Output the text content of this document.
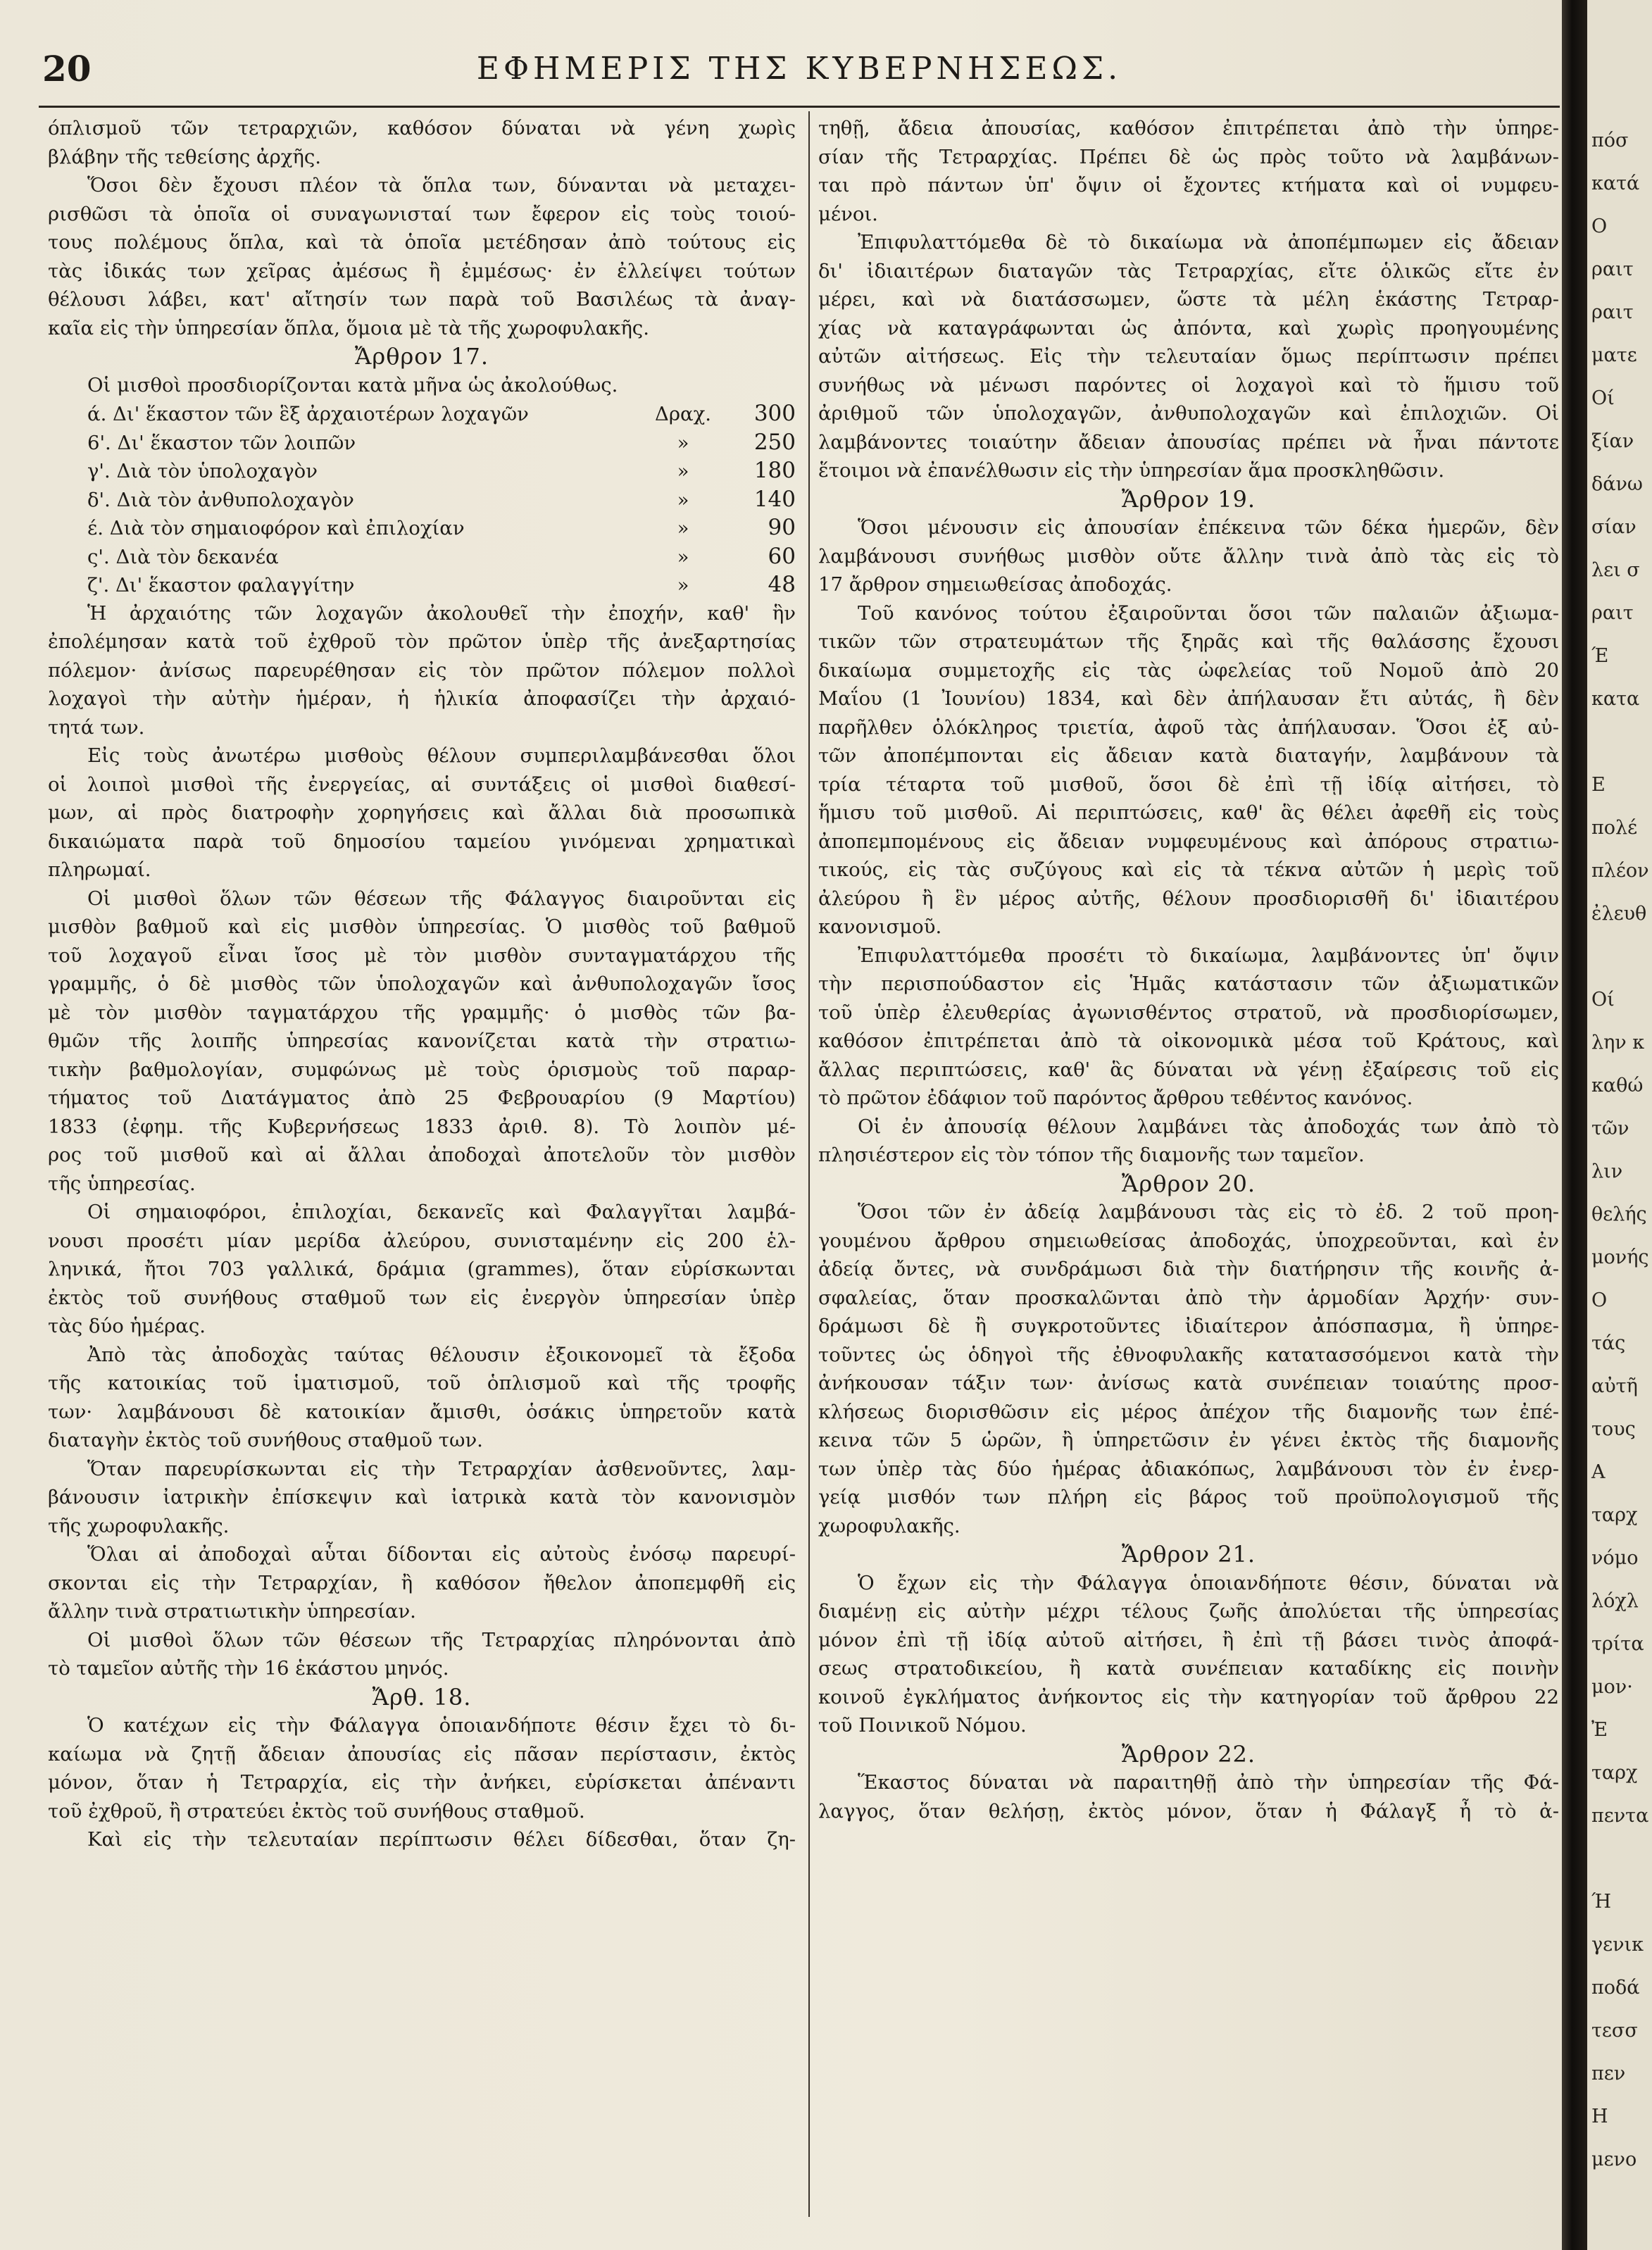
20	ΕΦΗΜΕΡΙΣ ΤΗΣ ΚΥΒΕΡΝΗΣΕΩΣ.
όπλισμοῦ τῶν τετραρχιῶν, καθόσον δύναται νὰ γένη χωρὶς
βλάβην τῆς τεθείσης ἀρχῆς.
Ὅσοι δὲν ἔχουσι πλέον τὰ ὅπλα των, δύνανται νὰ μεταχει-
ρισθῶσι τὰ ὁποῖα οἱ συναγωνισταί των ἔφερον εἰς τοὺς τοιού-
τους πολέμους ὅπλα, καὶ τὰ ὁποῖα μετέδησαν ἀπὸ τούτους εἰς
τὰς ἰδικάς των χεῖρας ἀμέσως ἢ ἐμμέσως· ἐν ἐλλείψει τούτων
θέλουσι λάβει, κατ' αἴτησίν των παρὰ τοῦ Βασιλέως τὰ ἀναγ-
καῖα εἰς τὴν ὑπηρεσίαν ὅπλα, ὅμοια μὲ τὰ τῆς χωροφυλακῆς.
Ἄρθρον 17.
Οἱ μισθοὶ προσδιορίζονται κατὰ μῆνα ὡς ἀκολούθως.
ά. Δι' ἕκαστον τῶν ἓξ ἀρχαιοτέρων λοχαγῶν	Δραχ.	300
6'. Δι' ἕκαστον τῶν λοιπῶν	»	250
γ'. Διὰ τὸν ὑπολοχαγὸν	»	180
δ'. Διὰ τὸν ἀνθυπολοχαγὸν	»	140
έ. Διὰ τὸν σημαιοφόρον καὶ ἐπιλοχίαν	»	90
ς'. Διὰ τὸν δεκανέα	»	60
ζ'. Δι' ἕκαστον φαλαγγίτην	»	48
Ἡ ἀρχαιότης τῶν λοχαγῶν ἀκολουθεῖ τὴν ἐποχήν, καθ' ἣν
ἐπολέμησαν κατὰ τοῦ ἐχθροῦ τὸν πρῶτον ὑπὲρ τῆς ἀνεξαρτησίας
πόλεμον· ἀνίσως παρευρέθησαν εἰς τὸν πρῶτον πόλεμον πολλοὶ
λοχαγοὶ τὴν αὐτὴν ἡμέραν, ἡ ἡλικία ἀποφασίζει τὴν ἀρχαιό-
τητά των.
Εἰς τοὺς ἀνωτέρω μισθοὺς θέλουν συμπεριλαμβάνεσθαι ὅλοι
οἱ λοιποὶ μισθοὶ τῆς ἐνεργείας, αἱ συντάξεις οἱ μισθοὶ διαθεσί-
μων, αἱ πρὸς διατροφὴν χορηγήσεις καὶ ἄλλαι διὰ προσωπικὰ
δικαιώματα παρὰ τοῦ δημοσίου ταμείου γινόμεναι χρηματικαὶ
πληρωμαί.
Οἱ μισθοὶ ὅλων τῶν θέσεων τῆς Φάλαγγος διαιροῦνται εἰς
μισθὸν βαθμοῦ καὶ εἰς μισθὸν ὑπηρεσίας. Ὁ μισθὸς τοῦ βαθμοῦ
τοῦ λοχαγοῦ εἶναι ἴσος μὲ τὸν μισθὸν συνταγματάρχου τῆς
γραμμῆς, ὁ δὲ μισθὸς τῶν ὑπολοχαγῶν καὶ ἀνθυπολοχαγῶν ἴσος
μὲ τὸν μισθὸν ταγματάρχου τῆς γραμμῆς· ὁ μισθὸς τῶν βα-
θμῶν τῆς λοιπῆς ὑπηρεσίας κανονίζεται κατὰ τὴν στρατιω-
τικὴν βαθμολογίαν, συμφώνως μὲ τοὺς ὁρισμοὺς τοῦ παραρ-
τήματος τοῦ Διατάγματος ἀπὸ 25 Φεβρουαρίου (9 Μαρτίου)
1833 (ἐφημ. τῆς Κυβερνήσεως 1833 ἀριθ. 8). Τὸ λοιπὸν μέ-
ρος τοῦ μισθοῦ καὶ αἱ ἄλλαι ἀποδοχαὶ ἀποτελοῦν τὸν μισθὸν
τῆς ὑπηρεσίας.
Οἱ σημαιοφόροι, ἐπιλοχίαι, δεκανεῖς καὶ Φαλαγγῖται λαμβά-
νουσι προσέτι μίαν μερίδα ἀλεύρου, συνισταμένην εἰς 200 ἑλ-
ληνικά, ἤτοι 703 γαλλικά, δράμια (grammes), ὅταν εὑρίσκωνται
ἐκτὸς τοῦ συνήθους σταθμοῦ των εἰς ἐνεργὸν ὑπηρεσίαν ὑπὲρ
τὰς δύο ἡμέρας.
Ἀπὸ τὰς ἀποδοχὰς ταύτας θέλουσιν ἐξοικονομεῖ τὰ ἔξοδα
τῆς κατοικίας τοῦ ἱματισμοῦ, τοῦ ὁπλισμοῦ καὶ τῆς τροφῆς
των· λαμβάνουσι δὲ κατοικίαν ἄμισθι, ὁσάκις ὑπηρετοῦν κατὰ
διαταγὴν ἐκτὸς τοῦ συνήθους σταθμοῦ των.
Ὅταν παρευρίσκωνται εἰς τὴν Τετραρχίαν ἀσθενοῦντες, λαμ-
βάνουσιν ἰατρικὴν ἐπίσκεψιν καὶ ἰατρικὰ κατὰ τὸν κανονισμὸν
τῆς χωροφυλακῆς.
Ὅλαι αἱ ἀποδοχαὶ αὗται δίδονται εἰς αὐτοὺς ἐνόσῳ παρευρί-
σκονται εἰς τὴν Τετραρχίαν, ἢ καθόσον ἤθελον ἀποπεμφθῆ εἰς
ἄλλην τινὰ στρατιωτικὴν ὑπηρεσίαν.
Οἱ μισθοὶ ὅλων τῶν θέσεων τῆς Τετραρχίας πληρόνονται ἀπὸ
τὸ ταμεῖον αὐτῆς τὴν 16 ἑκάστου μηνός.
Ἄρθ. 18.
Ὁ κατέχων εἰς τὴν Φάλαγγα ὁποιανδήποτε θέσιν ἔχει τὸ δι-
καίωμα νὰ ζητῇ ἄδειαν ἀπουσίας εἰς πᾶσαν περίστασιν, ἐκτὸς
μόνον, ὅταν ἡ Τετραρχία, εἰς τὴν ἀνήκει, εὑρίσκεται ἀπέναντι
τοῦ ἐχθροῦ, ἢ στρατεύει ἐκτὸς τοῦ συνήθους σταθμοῦ.
Καὶ εἰς τὴν τελευταίαν περίπτωσιν θέλει δίδεσθαι, ὅταν ζη-
τηθῇ, ἄδεια ἀπουσίας, καθόσον ἐπιτρέπεται ἀπὸ τὴν ὑπηρε-
σίαν τῆς Τετραρχίας. Πρέπει δὲ ὡς πρὸς τοῦτο νὰ λαμβάνων-
ται πρὸ πάντων ὑπ' ὄψιν οἱ ἔχοντες κτήματα καὶ οἱ νυμφευ-
μένοι.
Ἐπιφυλαττόμεθα δὲ τὸ δικαίωμα νὰ ἀποπέμπωμεν εἰς ἄδειαν
δι' ἰδιαιτέρων διαταγῶν τὰς Τετραρχίας, εἴτε ὁλικῶς εἴτε ἐν
μέρει, καὶ νὰ διατάσσωμεν, ὥστε τὰ μέλη ἑκάστης Τετραρ-
χίας νὰ καταγράφωνται ὡς ἀπόντα, καὶ χωρὶς προηγουμένης
αὐτῶν αἰτήσεως. Εἰς τὴν τελευταίαν ὅμως περίπτωσιν πρέπει
συνήθως νὰ μένωσι παρόντες οἱ λοχαγοὶ καὶ τὸ ἥμισυ τοῦ
ἀριθμοῦ τῶν ὑπολοχαγῶν, ἀνθυπολοχαγῶν καὶ ἐπιλοχιῶν. Οἱ
λαμβάνοντες τοιαύτην ἄδειαν ἀπουσίας πρέπει νὰ ἦναι πάντοτε
ἕτοιμοι νὰ ἐπανέλθωσιν εἰς τὴν ὑπηρεσίαν ἅμα προσκληθῶσιν.
Ἄρθρον 19.
Ὅσοι μένουσιν εἰς ἀπουσίαν ἐπέκεινα τῶν δέκα ἡμερῶν, δὲν
λαμβάνουσι συνήθως μισθὸν οὔτε ἄλλην τινὰ ἀπὸ τὰς εἰς τὸ
17 ἄρθρον σημειωθείσας ἀποδοχάς.
Τοῦ κανόνος τούτου ἐξαιροῦνται ὅσοι τῶν παλαιῶν ἀξιωμα-
τικῶν τῶν στρατευμάτων τῆς ξηρᾶς καὶ τῆς θαλάσσης ἔχουσι
δικαίωμα συμμετοχῆς εἰς τὰς ὠφελείας τοῦ Νομοῦ ἀπὸ 20
Μαΐου (1 Ἰουνίου) 1834, καὶ δὲν ἀπήλαυσαν ἔτι αὐτάς, ἢ δὲν
παρῆλθεν ὁλόκληρος τριετία, ἀφοῦ τὰς ἀπήλαυσαν. Ὅσοι ἐξ αὐ-
τῶν ἀποπέμπονται εἰς ἄδειαν κατὰ διαταγήν, λαμβάνουν τὰ
τρία τέταρτα τοῦ μισθοῦ, ὅσοι δὲ ἐπὶ τῇ ἰδίᾳ αἰτήσει, τὸ
ἥμισυ τοῦ μισθοῦ. Αἱ περιπτώσεις, καθ' ἃς θέλει ἀφεθῆ εἰς τοὺς
ἀποπεμπομένους εἰς ἄδειαν νυμφευμένους καὶ ἀπόρους στρατιω-
τικούς, εἰς τὰς συζύγους καὶ εἰς τὰ τέκνα αὐτῶν ἡ μερὶς τοῦ
ἀλεύρου ἢ ἓν μέρος αὐτῆς, θέλουν προσδιορισθῆ δι' ἰδιαιτέρου
κανονισμοῦ.
Ἐπιφυλαττόμεθα προσέτι τὸ δικαίωμα, λαμβάνοντες ὑπ' ὄψιν
τὴν περισπούδαστον εἰς Ἡμᾶς κατάστασιν τῶν ἀξιωματικῶν
τοῦ ὑπὲρ ἐλευθερίας ἀγωνισθέντος στρατοῦ, νὰ προσδιορίσωμεν,
καθόσον ἐπιτρέπεται ἀπὸ τὰ οἰκονομικὰ μέσα τοῦ Κράτους, καὶ
ἄλλας περιπτώσεις, καθ' ἃς δύναται νὰ γένῃ ἐξαίρεσις τοῦ εἰς
τὸ πρῶτον ἐδάφιον τοῦ παρόντος ἄρθρου τεθέντος κανόνος.
Οἱ ἐν ἀπουσίᾳ θέλουν λαμβάνει τὰς ἀποδοχάς των ἀπὸ τὸ
πλησιέστερον εἰς τὸν τόπον τῆς διαμονῆς των ταμεῖον.
Ἄρθρον 20.
Ὅσοι τῶν ἐν ἀδείᾳ λαμβάνουσι τὰς εἰς τὸ ἐδ. 2 τοῦ προη-
γουμένου ἄρθρου σημειωθείσας ἀποδοχάς, ὑποχρεοῦνται, καὶ ἐν
ἀδείᾳ ὄντες, νὰ συνδράμωσι διὰ τὴν διατήρησιν τῆς κοινῆς ἀ-
σφαλείας, ὅταν προσκαλῶνται ἀπὸ τὴν ἁρμοδίαν Ἀρχήν· συν-
δράμωσι δὲ ἢ συγκροτοῦντες ἰδιαίτερον ἀπόσπασμα, ἢ ὑπηρε-
τοῦντες ὡς ὁδηγοὶ τῆς ἐθνοφυλακῆς κατατασσόμενοι κατὰ τὴν
ἀνήκουσαν τάξιν των· ἀνίσως κατὰ συνέπειαν τοιαύτης προσ-
κλήσεως διορισθῶσιν εἰς μέρος ἀπέχον τῆς διαμονῆς των ἐπέ-
κεινα τῶν 5 ὡρῶν, ἢ ὑπηρετῶσιν ἐν γένει ἐκτὸς τῆς διαμονῆς
των ὑπὲρ τὰς δύο ἡμέρας ἀδιακόπως, λαμβάνουσι τὸν ἐν ἐνερ-
γείᾳ μισθόν των πλήρη εἰς βάρος τοῦ προϋπολογισμοῦ τῆς
χωροφυλακῆς.
Ἄρθρον 21.
Ὁ ἔχων εἰς τὴν Φάλαγγα ὁποιανδήποτε θέσιν, δύναται νὰ
διαμένῃ εἰς αὐτὴν μέχρι τέλους ζωῆς ἀπολύεται τῆς ὑπηρεσίας
μόνον ἐπὶ τῇ ἰδίᾳ αὐτοῦ αἰτήσει, ἢ ἐπὶ τῇ βάσει τινὸς ἀποφά-
σεως στρατοδικείου, ἢ κατὰ συνέπειαν καταδίκης εἰς ποινὴν
κοινοῦ ἐγκλήματος ἀνήκοντος εἰς τὴν κατηγορίαν τοῦ ἄρθρου 22
τοῦ Ποινικοῦ Νόμου.
Ἄρθρον 22.
Ἕκαστος δύναται νὰ παραιτηθῇ ἀπὸ τὴν ὑπηρεσίαν τῆς Φά-
λαγγος, ὅταν θελήσῃ, ἐκτὸς μόνον, ὅταν ἡ Φάλαγξ ἦ τὸ ἀ-
πόσ
κατά
Ο
ραιτ
ραιτ
ματε
Οί
ξίαν
δάνω
σίαν
λει σ
ραιτ
Έ
κατα
Ε
πολέ
πλέον
ἐλευθ
Οί
λην κ
καθώ
τῶν
λιν
θελής
μονής
Ο
τάς
αὐτῆ
τους
Α
ταρχ
νόμο
λόχλ
τρίτα
μον·
Ἐ
ταρχ
πεντα
Ή
γενικ
ποδά
τεσσ
πεν
Η
μενο
